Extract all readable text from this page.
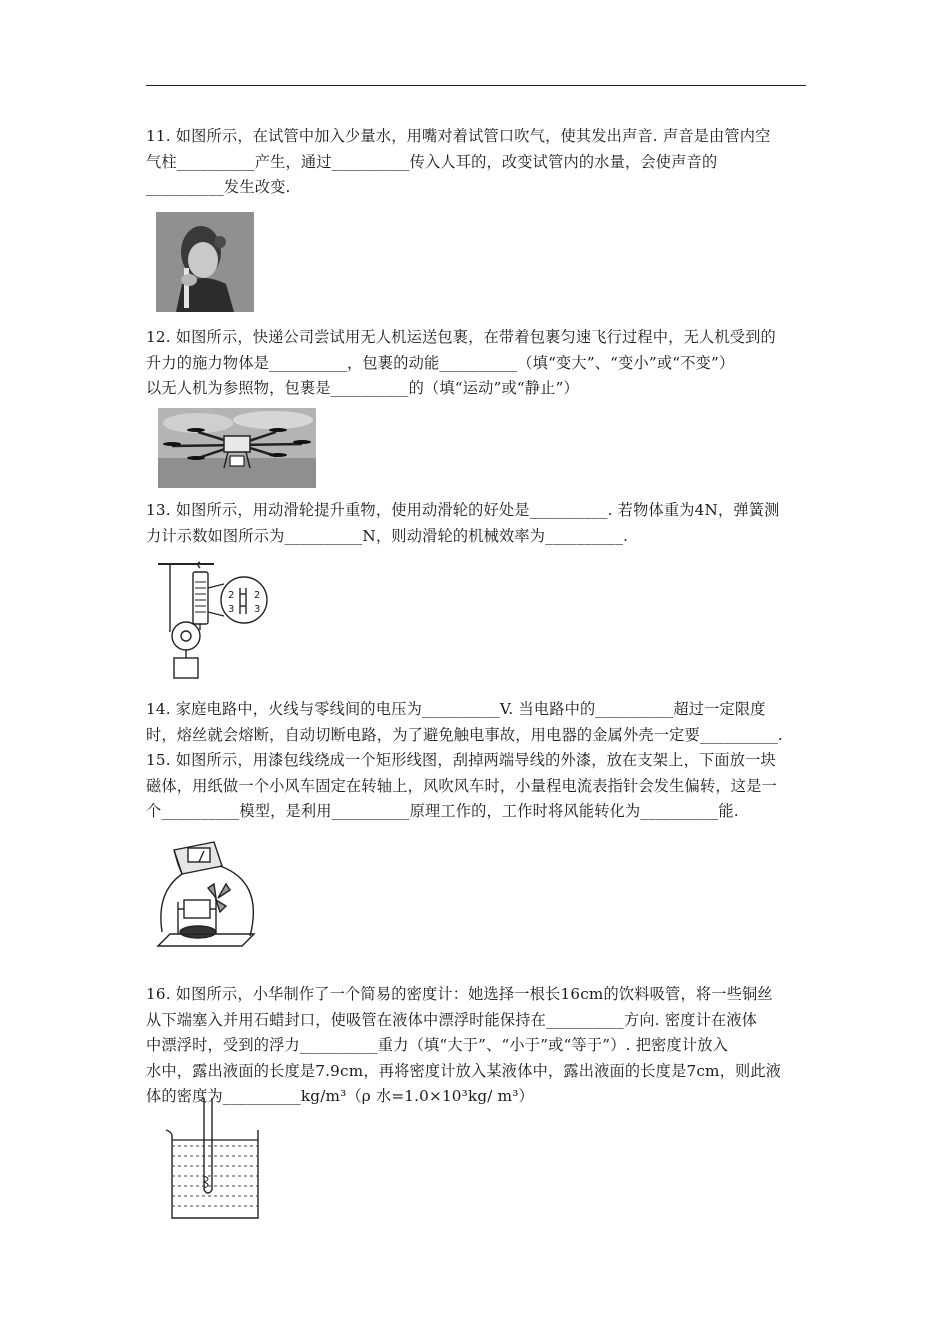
11. 如图所示，在试管中加入少量水，用嘴对着试管口吹气，使其发出声音. 声音是由管内空

气柱__________产生，通过__________传入人耳的，改变试管内的水量，会使声音的

__________发生改变.

12. 如图所示，快递公司尝试用无人机运送包裹，在带着包裹匀速飞行过程中，无人机受到的

升力的施力物体是__________，包裹的动能__________（填“变大”、“变小”或“不变”）

以无人机为参照物，包裹是__________的（填“运动”或“静止”）

13. 如图所示，用动滑轮提升重物，使用动滑轮的好处是__________. 若物体重为4N，弹簧测

力计示数如图所示为__________N，则动滑轮的机械效率为__________.

2 2
3 3

14. 家庭电路中，火线与零线间的电压为__________V. 当电路中的__________超过一定限度

时，熔丝就会熔断，自动切断电路，为了避免触电事故，用电器的金属外壳一定要__________.

15. 如图所示，用漆包线绕成一个矩形线图，刮掉两端导线的外漆，放在支架上，下面放一块

磁体，用纸做一个小风车固定在转轴上，风吹风车时，小量程电流表指针会发生偏转，这是一

个__________模型，是利用__________原理工作的，工作时将风能转化为__________能.

16. 如图所示，小华制作了一个简易的密度计：她选择一根长16cm的饮料吸管，将一些铜丝

从下端塞入并用石蜡封口，使吸管在液体中漂浮时能保持在__________方向. 密度计在液体

中漂浮时，受到的浮力__________重力（填“大于”、“小于”或“等于”）. 把密度计放入

水中，露出液面的长度是7.9cm，再将密度计放入某液体中，露出液面的长度是7cm，则此液

体的密度为__________kg/m³（ρ 水=1.0×10³kg/ m³）
